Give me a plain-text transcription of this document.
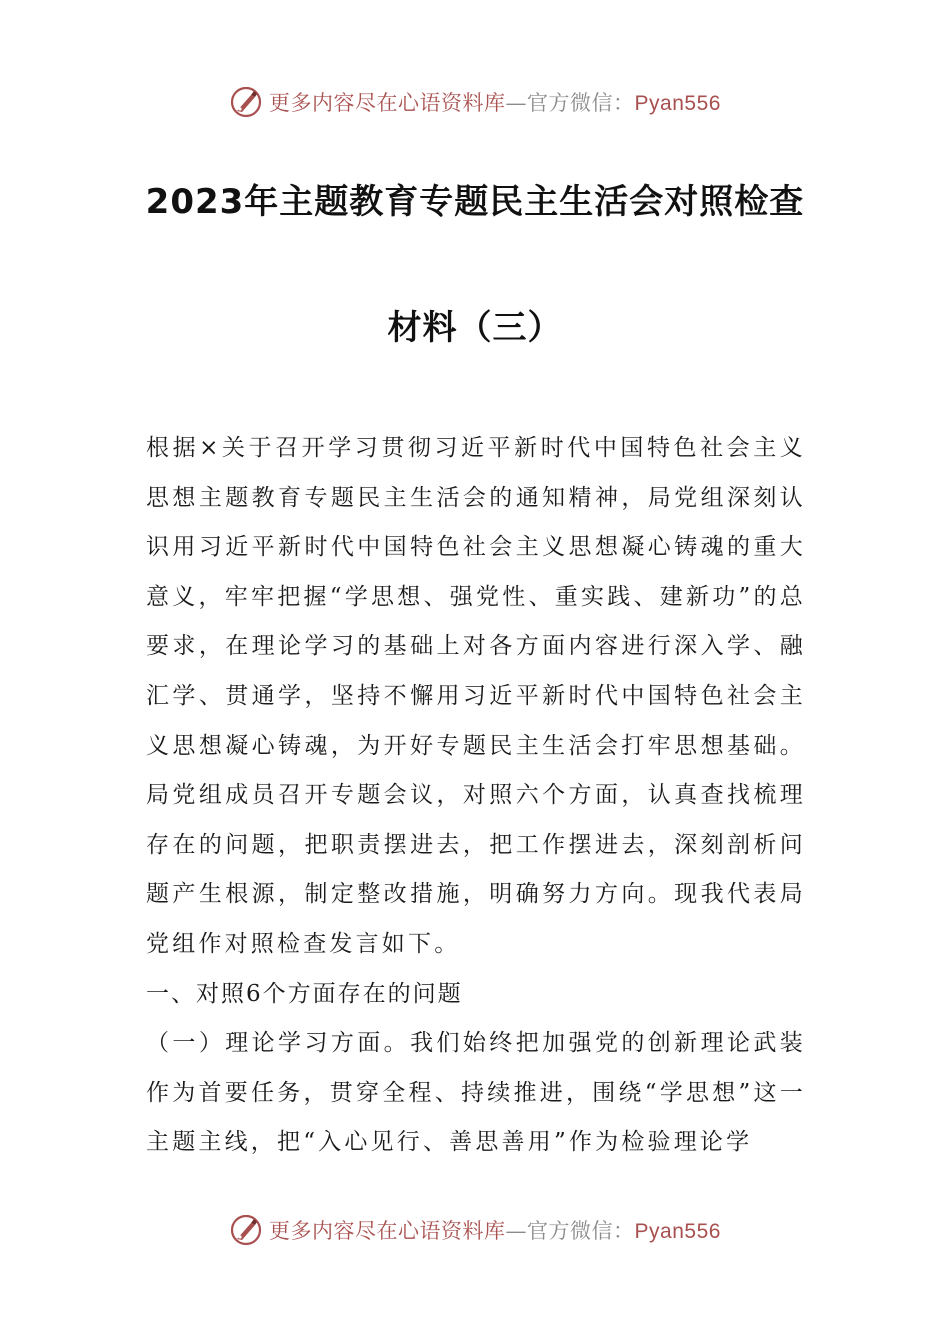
更多内容尽在心语资料库—官方微信：Pyan556
2023年主题教育专题民主生活会对照检查
材料（三）

根据×关于召开学习贯彻习近平新时代中国特色社会主义思想主题教育专题民主生活会的通知精神，局党组深刻认识用习近平新时代中国特色社会主义思想凝心铸魂的重大意义，牢牢把握“学思想、强党性、重实践、建新功”的总要求，在理论学习的基础上对各方面内容进行深入学、融汇学、贯通学，坚持不懈用习近平新时代中国特色社会主义思想凝心铸魂，为开好专题民主生活会打牢思想基础。局党组成员召开专题会议，对照六个方面，认真查找梳理存在的问题，把职责摆进去，把工作摆进去，深刻剖析问题产生根源，制定整改措施，明确努力方向。现我代表局党组作对照检查发言如下。

一、对照6个方面存在的问题

（一）理论学习方面。我们始终把加强党的创新理论武装作为首要任务，贯穿全程、持续推进，围绕“学思想”这一主题主线，把“入心见行、善思善用”作为检验理论学

更多内容尽在心语资料库—官方微信：Pyan556
